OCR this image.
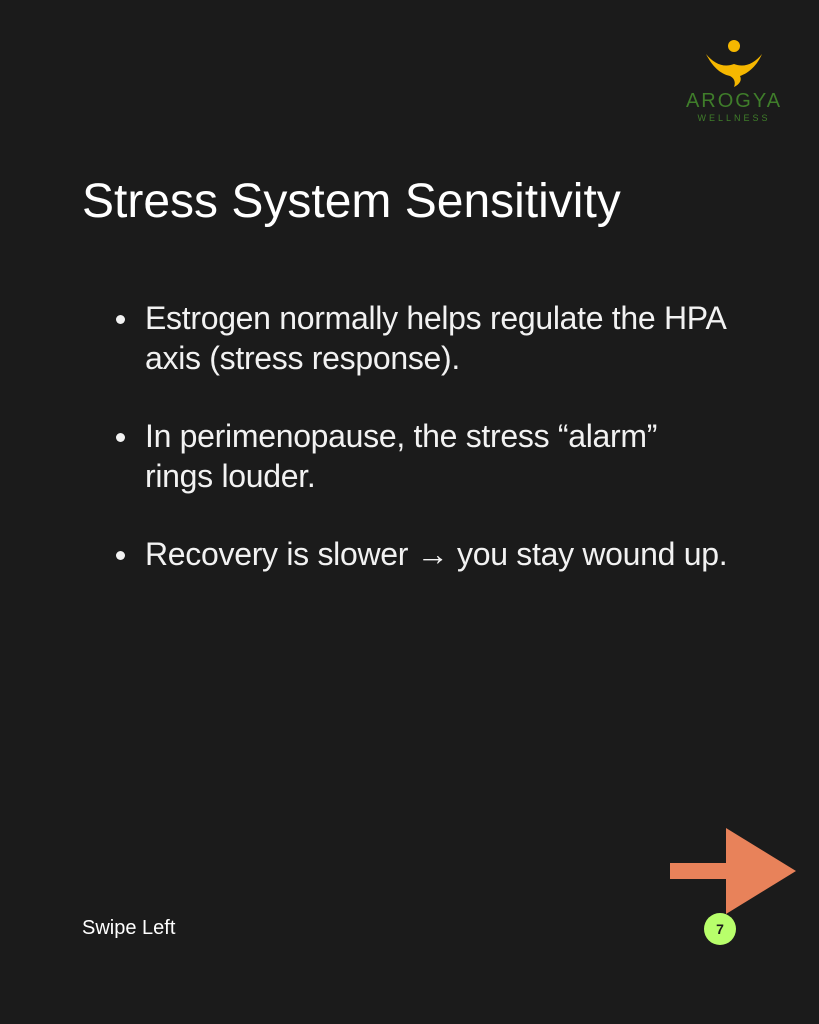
AROGYA
WELLNESS
Stress System Sensitivity
Estrogen normally helps regulate the HPA axis (stress response).
In perimenopause, the stress “alarm” rings louder.
Recovery is slower → you stay wound up.
Swipe Left	7
